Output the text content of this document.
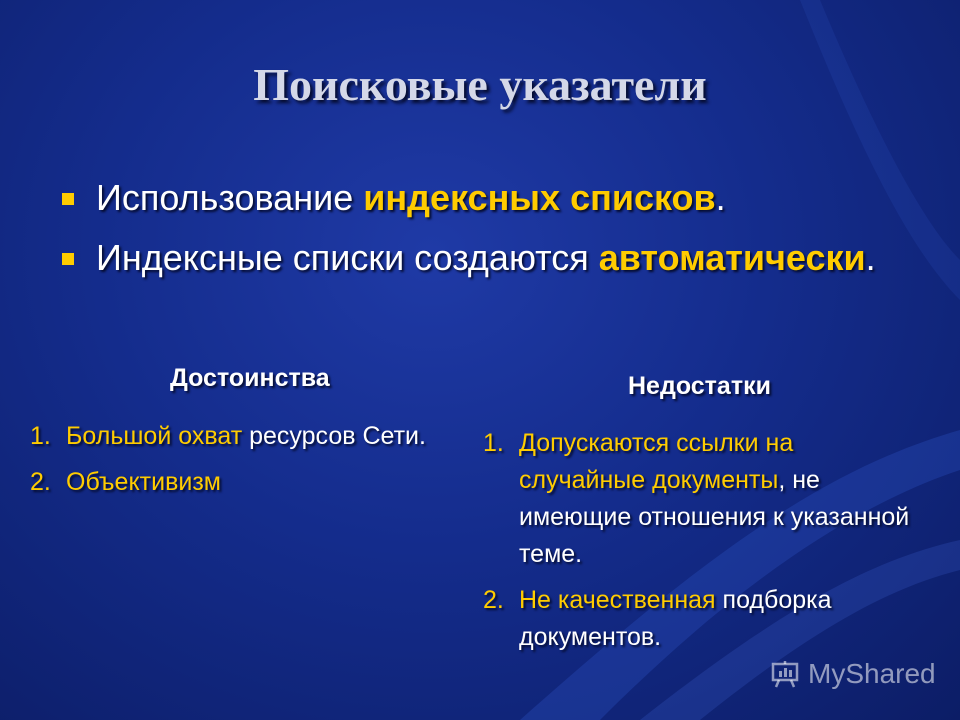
Поисковые указатели
Использование индексных списков.
Индексные списки создаются автоматически.
Достоинства
1. Большой охват ресурсов Сети.
2. Объективизм
Недостатки
1. Допускаются ссылки на случайные документы, не имеющие отношения к указанной теме.
2. Не качественная подборка документов.
MyShared
